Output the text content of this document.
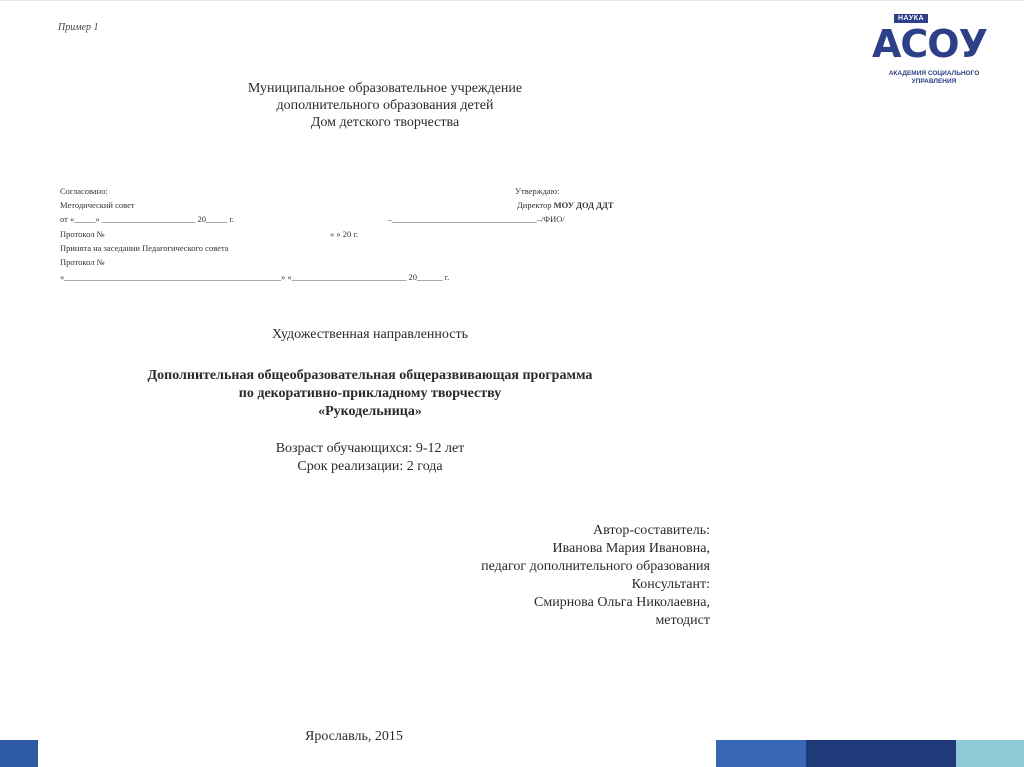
Пример 1
Муниципальное образовательное учреждение
дополнительного образования детей
Дом детского творчества
Согласовано:
Методический совет
от «_____» ______________________ 20_____ г.
Протокол №
Принята на заседании Педагогического совета
Протокол №
«___________________________________________________» «___________________________ 20______ г.
Утверждаю:
Директор МОУ ДОД ДДТ
–__________________________________–/ФИО/
« » 20 г.
Художественная направленность
Дополнительная общеобразовательная общеразвивающая программа
по декоративно-прикладному творчеству
«Рукодельница»
Возраст обучающихся: 9-12 лет
Срок реализации: 2 года
Автор-составитель:
Иванова Мария Ивановна,
педагог дополнительного образования
Консультант:
Смирнова Ольга Николаевна,
методист
Ярославль, 2015
НАУКА
АСОУ
АКАДЕМИЯ СОЦИАЛЬНОГО
УПРАВЛЕНИЯ
